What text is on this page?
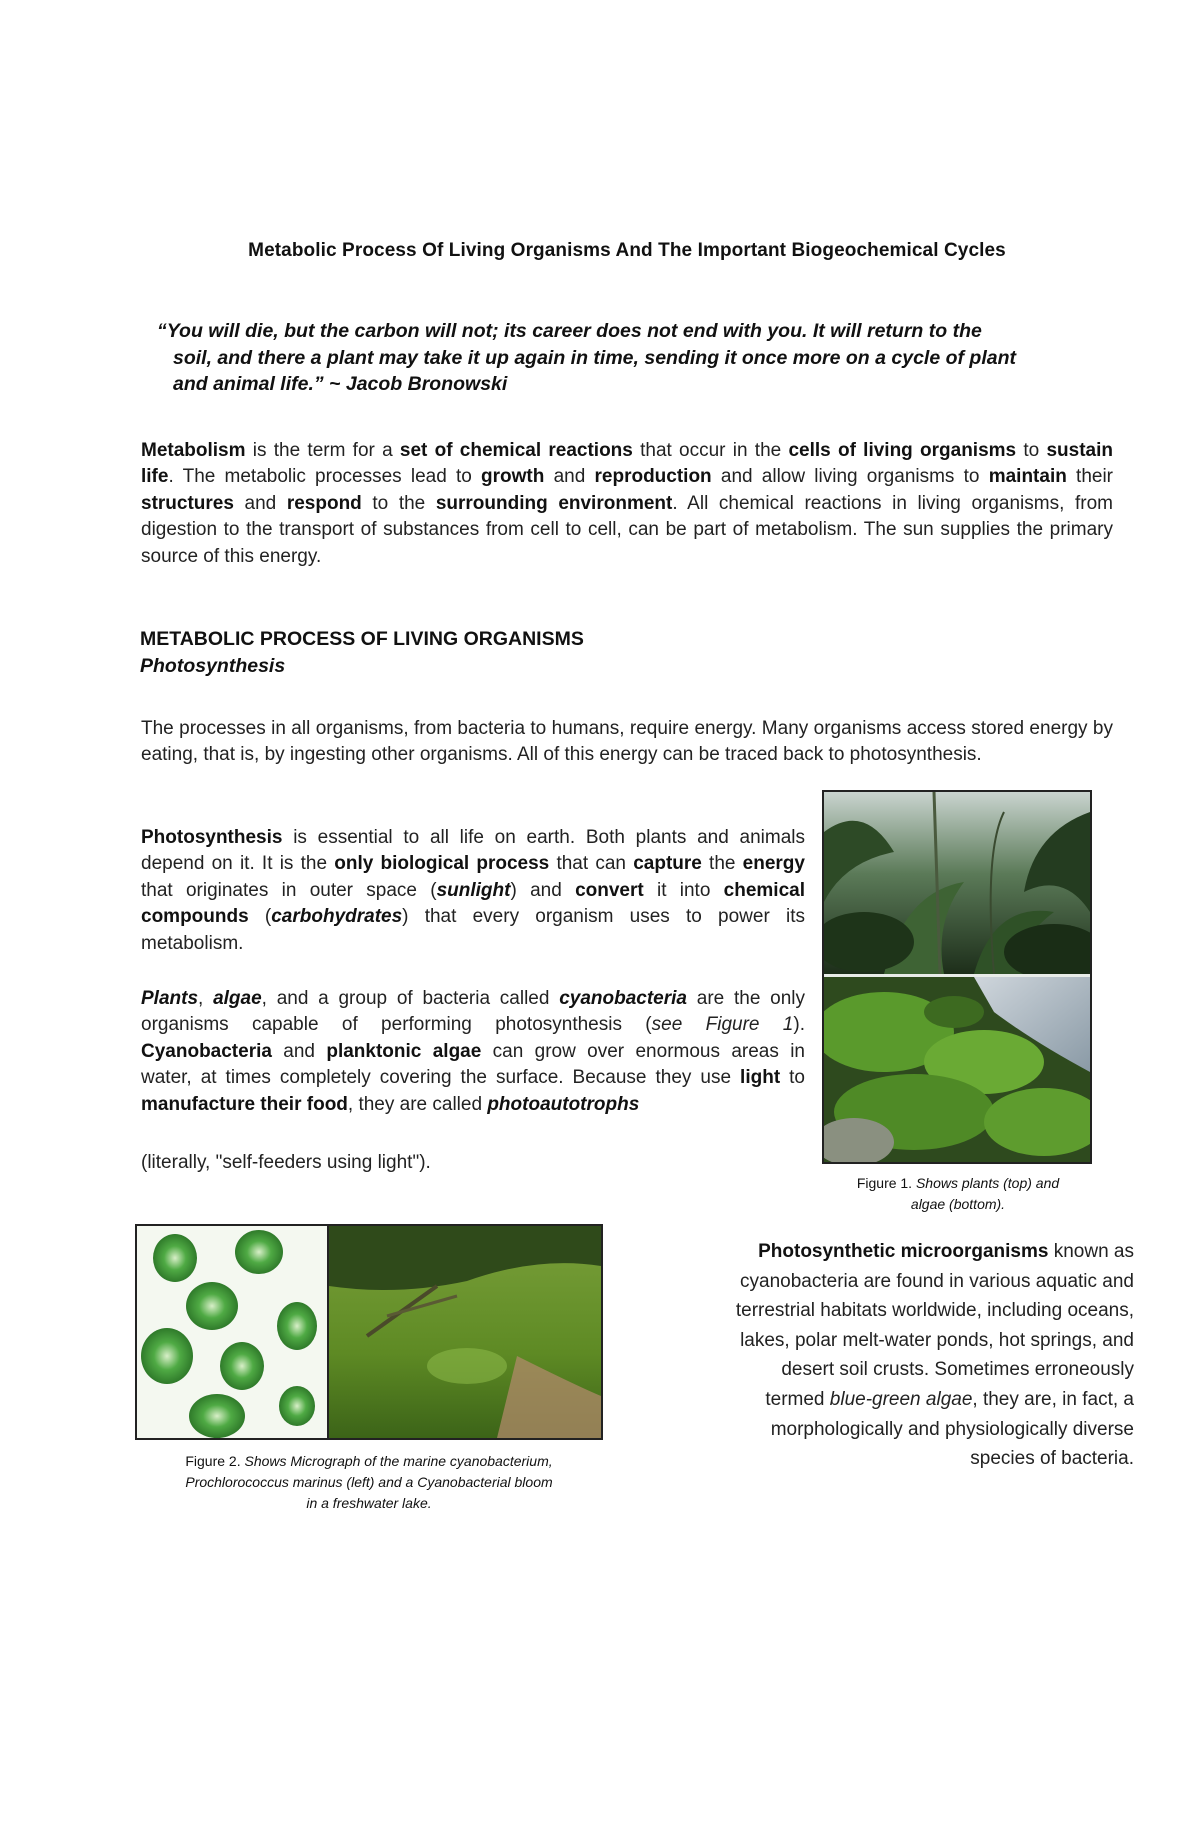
Metabolic Process Of Living Organisms And The Important Biogeochemical Cycles
“You will die, but the carbon will not; its career does not end with you. It will return to the
soil, and there a plant may take it up again in time, sending it once more on a cycle of plant
and animal life.” ~ Jacob Bronowski
Metabolism is the term for a set of chemical reactions that occur in the cells of living organisms to sustain life. The metabolic processes lead to growth and reproduction and allow living organisms to maintain their structures and respond to the surrounding environment. All chemical reactions in living organisms, from digestion to the transport of substances from cell to cell, can be part of metabolism. The sun supplies the primary source of this energy.
METABOLIC PROCESS OF LIVING ORGANISMS
Photosynthesis
The processes in all organisms, from bacteria to humans, require energy. Many organisms access stored energy by eating, that is, by ingesting other organisms. All of this energy can be traced back to photosynthesis.
Photosynthesis is essential to all life on earth. Both plants and animals depend on it. It is the only biological process that can capture the energy that originates in outer space (sunlight) and convert it into chemical compounds (carbohydrates) that every organism uses to power its metabolism.
Plants, algae, and a group of bacteria called cyanobacteria are the only organisms capable of performing photosynthesis (see Figure 1). Cyanobacteria and planktonic algae can grow over enormous areas in water, at times completely covering the surface. Because they use light to manufacture their food, they are called photoautotrophs
(literally, "self-feeders using light").
Figure 1. Shows plants (top) and
algae (bottom).
Figure 2. Shows Micrograph of the marine cyanobacterium,
Prochlorococcus marinus (left) and a Cyanobacterial bloom
in a freshwater lake.
Photosynthetic microorganisms known as cyanobacteria are found in various aquatic and terrestrial habitats worldwide, including oceans, lakes, polar melt-water ponds, hot springs, and desert soil crusts. Sometimes erroneously termed blue-green algae, they are, in fact, a morphologically and physiologically diverse species of bacteria.
